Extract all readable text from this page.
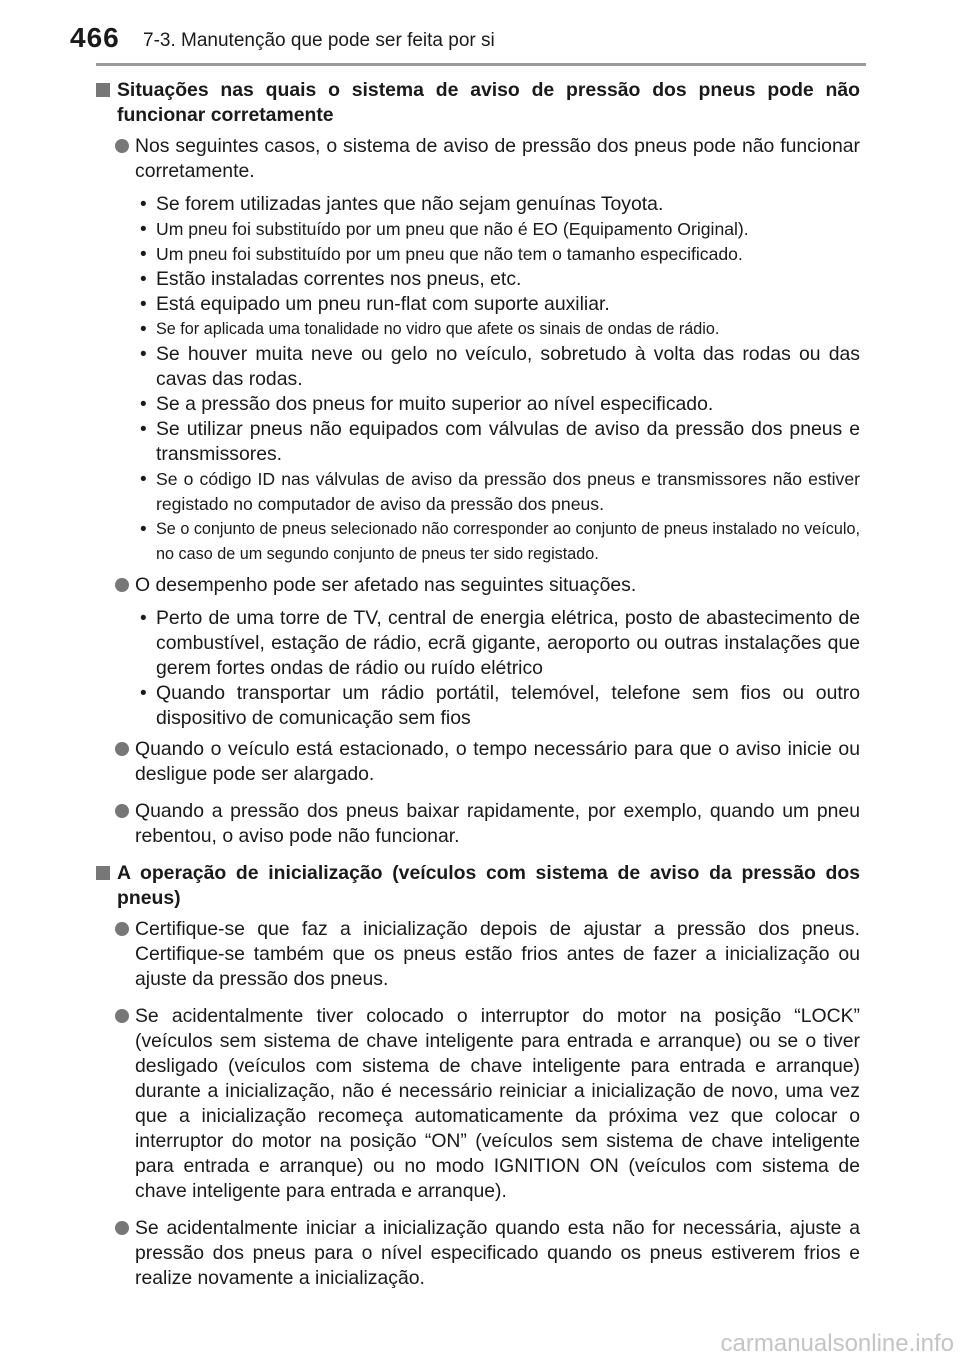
466 7-3. Manutenção que pode ser feita por si
Situações nas quais o sistema de aviso de pressão dos pneus pode não funcionar corretamente
Nos seguintes casos, o sistema de aviso de pressão dos pneus pode não funcionar corretamente.
• Se forem utilizadas jantes que não sejam genuínas Toyota.
• Um pneu foi substituído por um pneu que não é EO (Equipamento Original).
• Um pneu foi substituído por um pneu que não tem o tamanho especificado.
• Estão instaladas correntes nos pneus, etc.
• Está equipado um pneu run-flat com suporte auxiliar.
• Se for aplicada uma tonalidade no vidro que afete os sinais de ondas de rádio.
• Se houver muita neve ou gelo no veículo, sobretudo à volta das rodas ou das cavas das rodas.
• Se a pressão dos pneus for muito superior ao nível especificado.
• Se utilizar pneus não equipados com válvulas de aviso da pressão dos pneus e transmissores.
• Se o código ID nas válvulas de aviso da pressão dos pneus e transmissores não estiver registado no computador de aviso da pressão dos pneus.
• Se o conjunto de pneus selecionado não corresponder ao conjunto de pneus instalado no veículo, no caso de um segundo conjunto de pneus ter sido registado.
O desempenho pode ser afetado nas seguintes situações.
• Perto de uma torre de TV, central de energia elétrica, posto de abastecimento de combustível, estação de rádio, ecrã gigante, aeroporto ou outras instalações que gerem fortes ondas de rádio ou ruído elétrico
• Quando transportar um rádio portátil, telemóvel, telefone sem fios ou outro dispositivo de comunicação sem fios
Quando o veículo está estacionado, o tempo necessário para que o aviso inicie ou desligue pode ser alargado.
Quando a pressão dos pneus baixar rapidamente, por exemplo, quando um pneu rebentou, o aviso pode não funcionar.
A operação de inicialização (veículos com sistema de aviso da pressão dos pneus)
Certifique-se que faz a inicialização depois de ajustar a pressão dos pneus. Certifique-se também que os pneus estão frios antes de fazer a inicialização ou ajuste da pressão dos pneus.
Se acidentalmente tiver colocado o interruptor do motor na posição “LOCK” (veículos sem sistema de chave inteligente para entrada e arranque) ou se o tiver desligado (veículos com sistema de chave inteligente para entrada e arranque) durante a inicialização, não é necessário reiniciar a inicialização de novo, uma vez que a inicialização recomeça automaticamente da próxima vez que colocar o interruptor do motor na posição “ON” (veículos sem sistema de chave inteligente para entrada e arranque) ou no modo IGNITION ON (veículos com sistema de chave inteligente para entrada e arranque).
Se acidentalmente iniciar a inicialização quando esta não for necessária, ajuste a pressão dos pneus para o nível especificado quando os pneus estiverem frios e realize novamente a inicialização.
carmanualsonline.info
